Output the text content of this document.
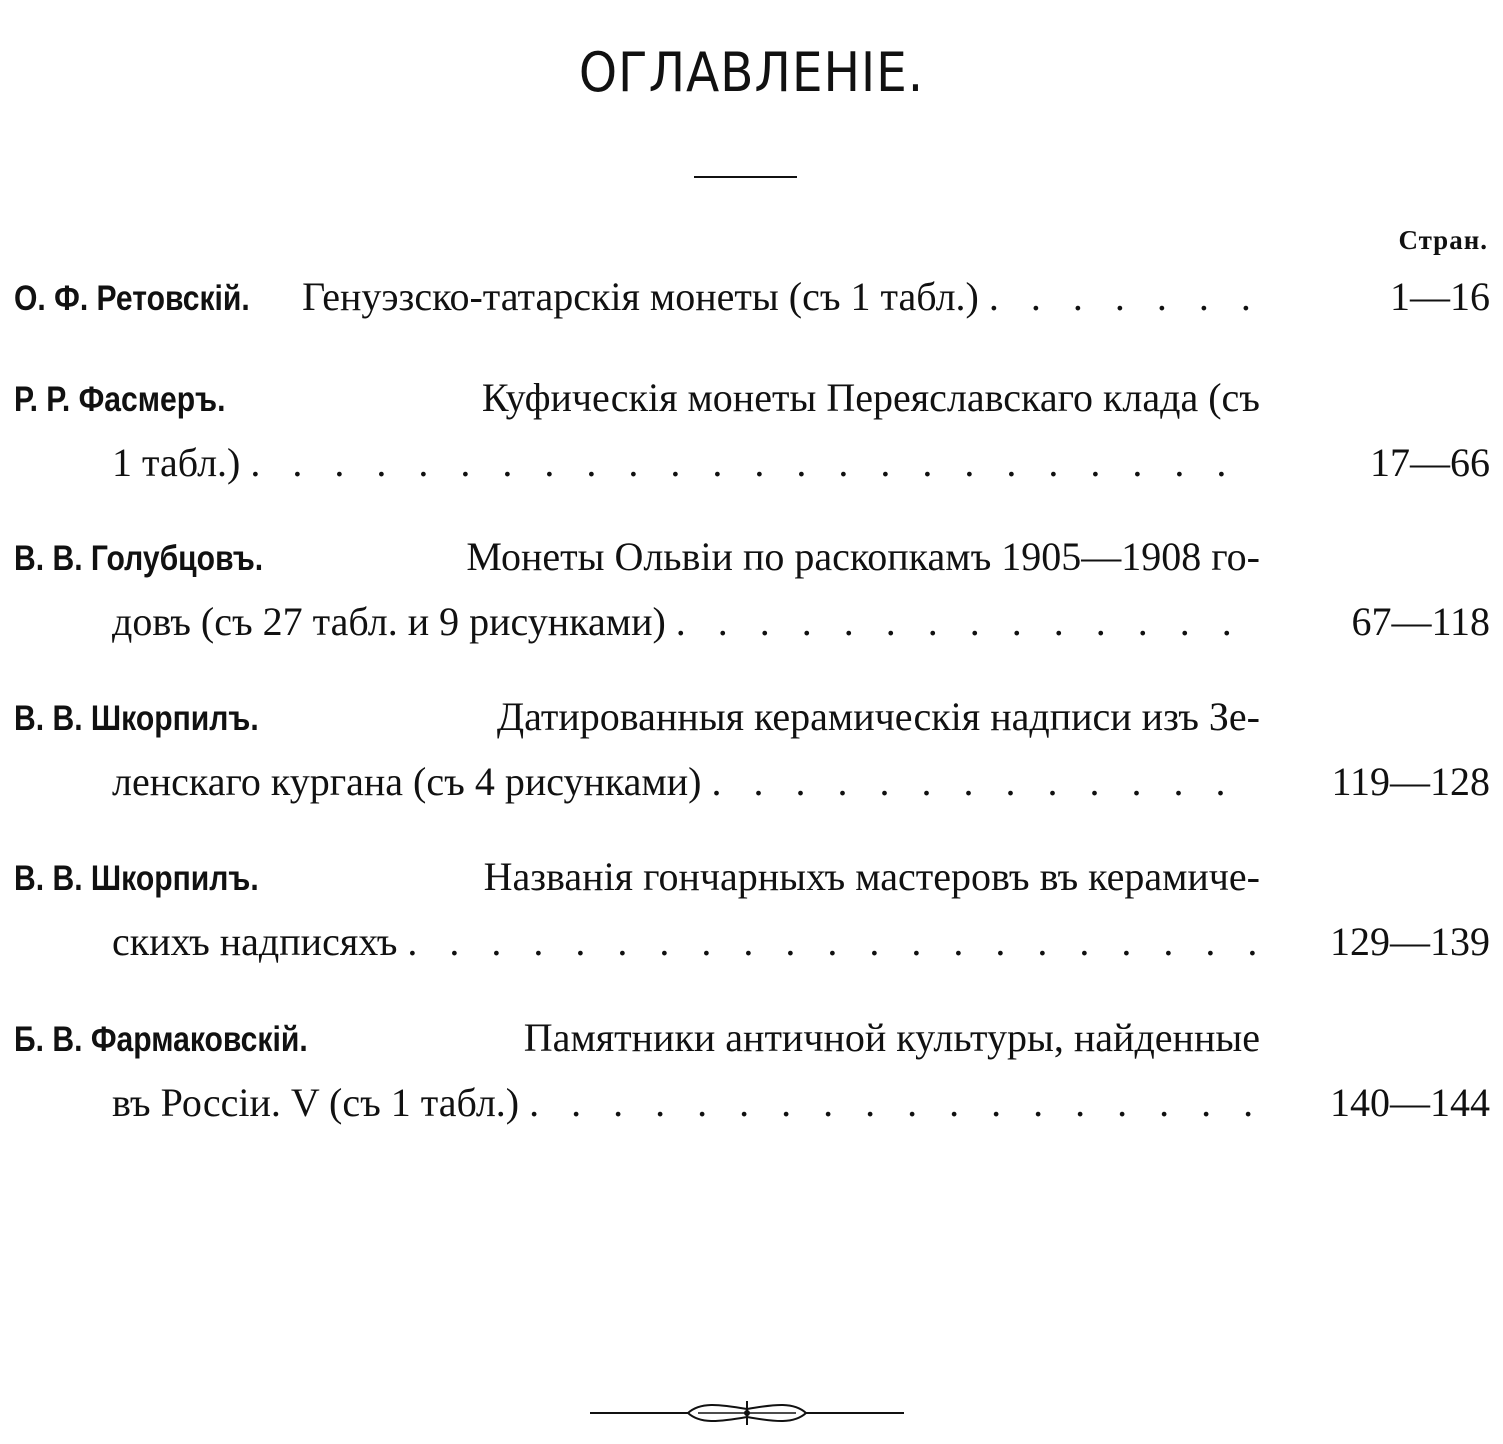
ОГЛАВЛЕНІЕ.
Стран.
О. Ф. Ретовскій. Генуэзско-татарскія монеты (съ 1 табл.) . . .	1—16
Р. Р. Фасмеръ.	Куфическія монеты Переяславскаго клада (съ
1 табл.) . . .	17—66
В. В. Голубцовъ.	Монеты Ольвіи по раскопкамъ 1905—1908 го-
довъ (съ 27 табл. и 9 рисунками) . . .	67—118
В. В. Шкорпилъ.	Датированныя керамическія надписи изъ Зе-
ленскаго кургана (съ 4 рисунками) . . .	119—128
В. В. Шкорпилъ.	Названія гончарныхъ мастеровъ въ керамиче-
скихъ надписяхъ . . .	129—139
Б. В. Фармаковскій.	Памятники античной культуры, найденные
въ Россіи. V (съ 1 табл.) . . .	140—144
